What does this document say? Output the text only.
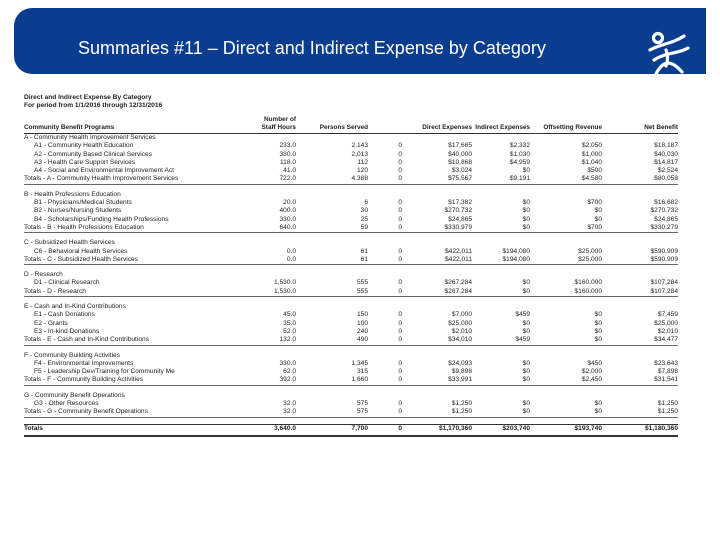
Summaries #11 – Direct and Indirect Expense by Category
Direct and Indirect Expense By Category
For period from 1/1/2016 through 12/31/2016
Community Benefit Programs	Number of Staff Hours	Persons Served		Direct Expenses	Indirect Expenses	Offsetting Revenue	Net Benefit
A - Community Health Improvement Services							
A1 - Community Health Education	233.0	2,143	0	$17,665	$2,332	$2,050	$18,187
A2 - Community Based Clinical Services	330.0	2,013	0	$40,000	$1,030	$1,000	$40,030
A3 - Health Care Support Services	118.0	112	0	$10,868	$4,959	$1,040	$14,817
A4 - Social and Environmental Improvement Act	41.0	120	0	$3,024	$0	$500	$2,524
Totals - A - Community Health Improvement Services	722.0	4,388	0	$75,567	$9,191	$4,580	$80,058

B - Health Professions Education							
B1 - Physicians/Medical Students	20.0	6	0	$17,382	$0	$700	$16,682
B2 - Nurses/Nursing Students	400.0	30	0	$270,732	$0	$0	$270,732
B4 - Scholarships/Funding Health Professions	330.0	25	0	$24,865	$0	$0	$24,865
Totals - B - Health Professions Education	640.0	59	0	$330,979	$0	$700	$330,279

C - Subsidized Health Services							
C6 - Behavioral Health Services	0.0	61	0	$422,011	$194,080	$25,000	$590,909
Totals - C - Subsidized Health Services	0.0	61	0	$422,011	$194,080	$25,000	$590,909

D - Research							
D1 - Clinical Research	1,530.0	555	0	$267,284	$0	$160,000	$107,284
Totals - D - Research	1,530.0	555	0	$267,284	$0	$160,000	$107,284

E - Cash and In-Kind Contributions							
E1 - Cash Donations	45.0	150	0	$7,000	$459	$0	$7,459
E2 - Grants	35.0	100	0	$25,000	$0	$0	$25,000
E3 - In-kind Donations	52.0	240	0	$2,010	$0	$0	$2,010
Totals - E - Cash and In-Kind Contributions	132.0	490	0	$34,010	$459	$0	$34,477

F - Community Building Activities							
F4 - Environmental Improvements	330.0	1,345	0	$24,093	$0	$450	$23,643
F5 - Leadership Dev/Training for Community Me	62.0	315	0	$9,898	$0	$2,000	$7,898
Totals - F - Community Building Activities	392.0	1,660	0	$33,991	$0	$2,450	$31,541

G - Community Benefit Operations							
G3 - Other Resources	32.0	575	0	$1,250	$0	$0	$1,250
Totals - G - Community Benefit Operations	32.0	575	0	$1,250	$0	$0	$1,250

Totals	3,640.0	7,700	0	$1,170,360	$203,740	$193,740	$1,180,360
